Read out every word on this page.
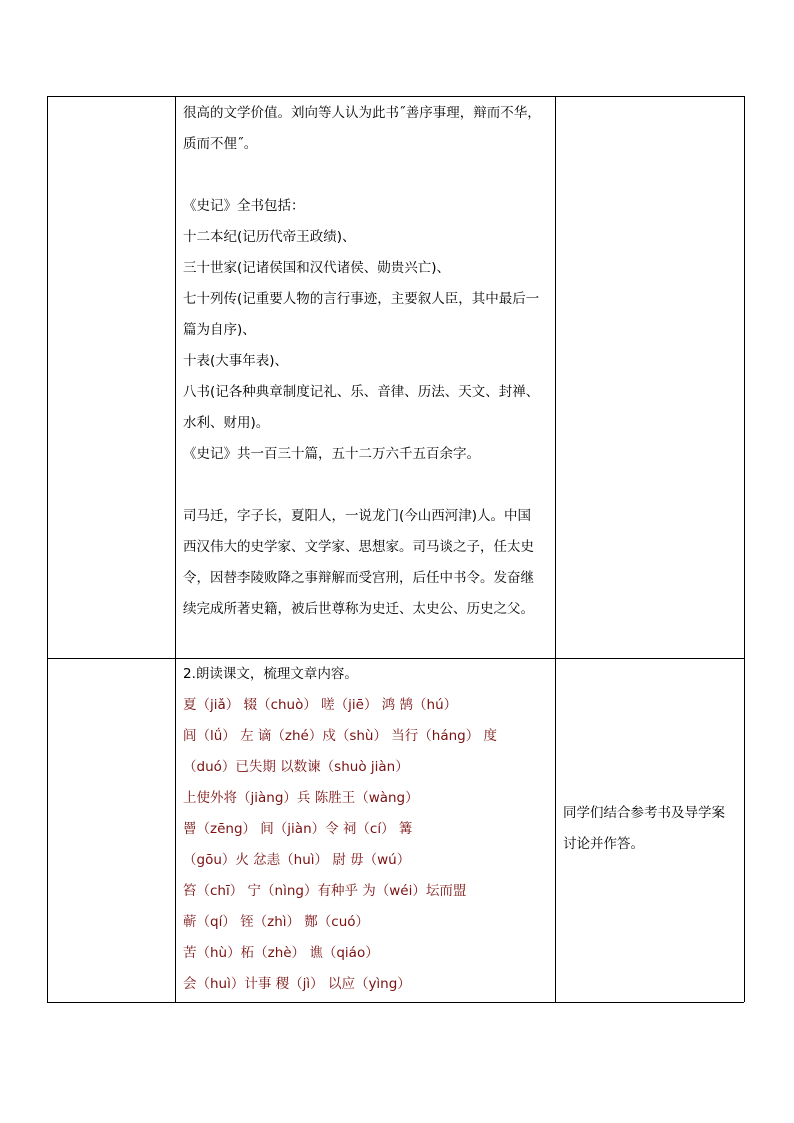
很高的文学价值。刘向等人认为此书˝善序事理，辩而不华，
质而不俚˝。
《史记》全书包括：
十二本纪(记历代帝王政绩)、
三十世家(记诸侯国和汉代诸侯、勋贵兴亡)、
七十列传(记重要人物的言行事迹，主要叙人臣，其中最后一
篇为自序)、
十表(大事年表)、
八书(记各种典章制度记礼、乐、音律、历法、天文、封禅、
水利、财用)。
《史记》共一百三十篇，五十二万六千五百余字。
司马迁，字子长，夏阳人，一说龙门(今山西河津)人。中国
西汉伟大的史学家、文学家、思想家。司马谈之子，任太史
令，因替李陵败降之事辩解而受宫刑，后任中书令。发奋继
续完成所著史籍，被后世尊称为史迁、太史公、历史之父。
2.朗读课文，梳理文章内容。
夏（jiǎ） 辍（chuò） 嗟（jiē） 鸿 鹄（hú）
闾（lǘ） 左 谪（zhé）戍（shù） 当行（háng） 度
（duó）已失期 以数谏（shuò jiàn）
上使外将（jiàng）兵 陈胜王（wàng）
罾（zēng） 间（jiàn）令 祠（cí） 篝
（gōu）火 忿恚（huì） 尉 毋（wú）
笞（chī） 宁（nìng）有种乎 为（wéi）坛而盟
蕲（qí） 铚（zhì） 酂（cuó）
苦（hù）柘（zhè） 谯（qiáo）
会（huì）计事 稷（jì） 以应（yìng）
同学们结合参考书及导学案
讨论并作答。
